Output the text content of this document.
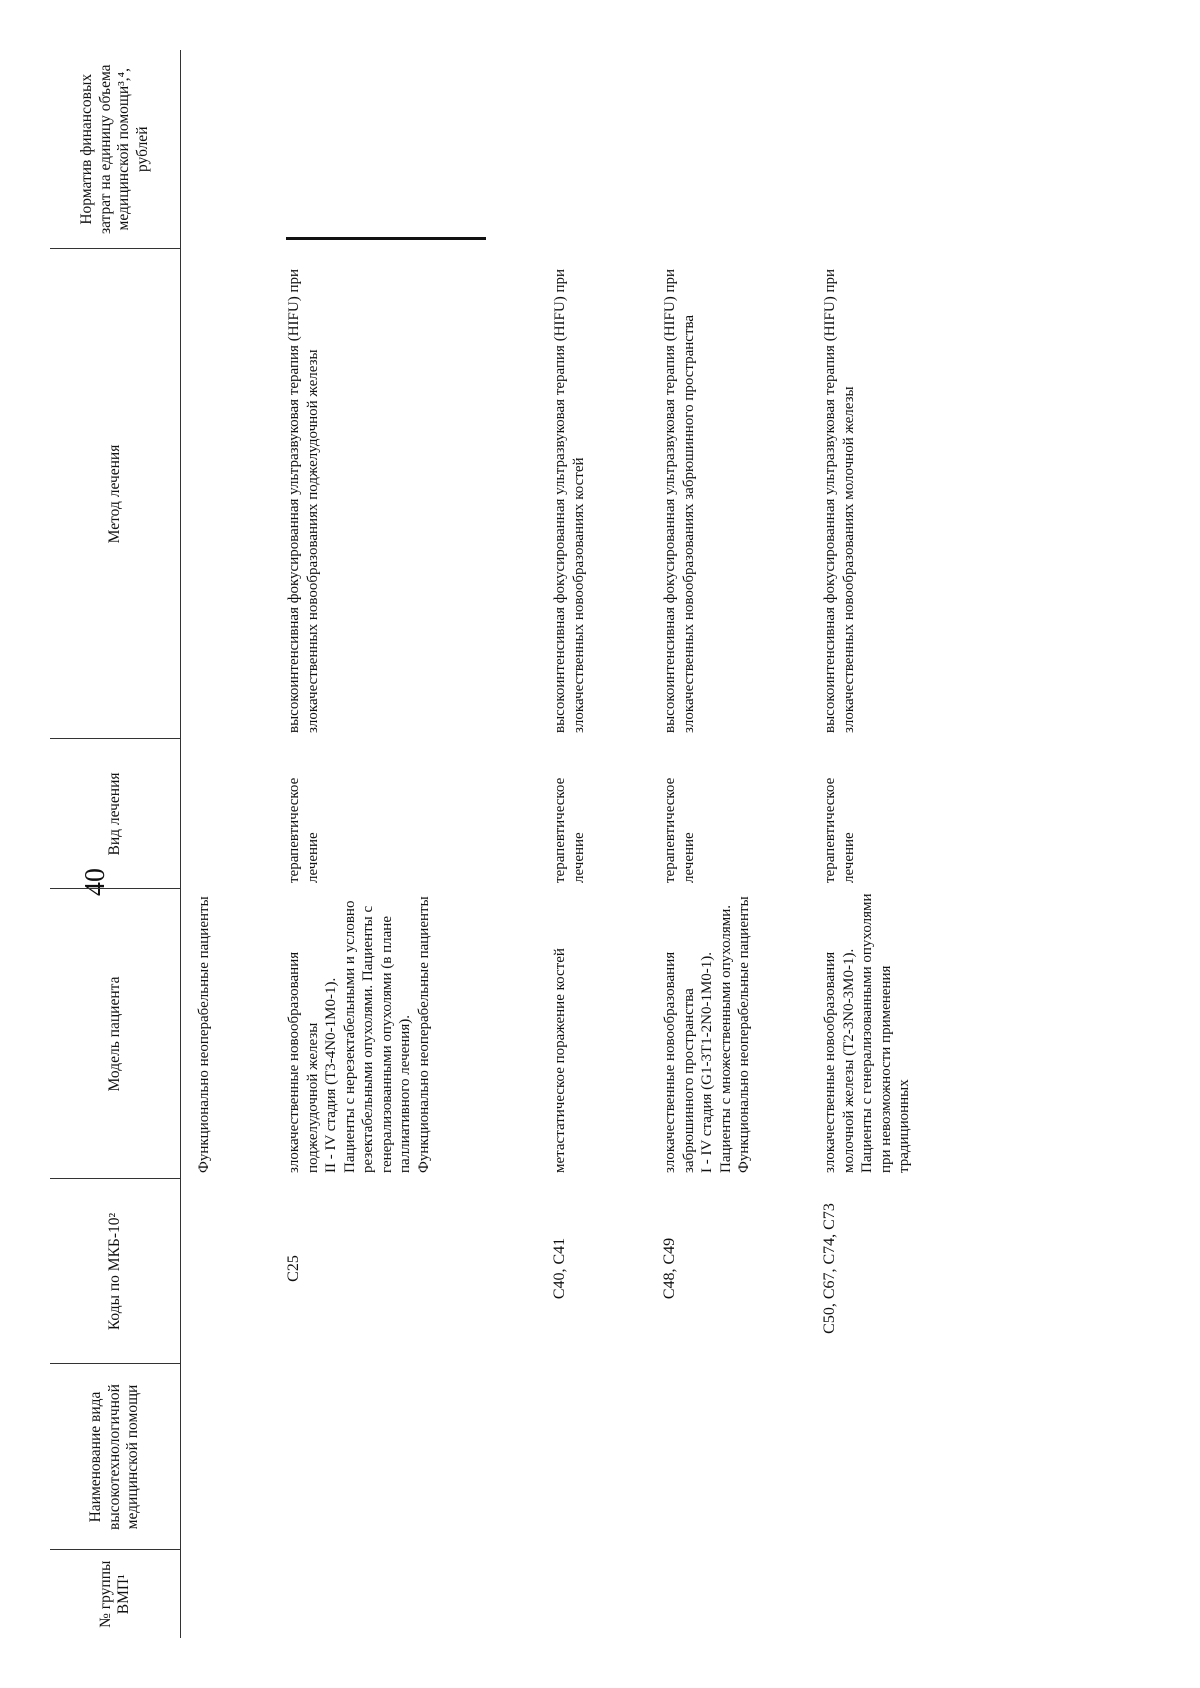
40
№ группы ВМП¹	Наименование вида высокотехнологичной медицинской помощи	Коды по МКБ-10²	Модель пациента	Вид лечения	Метод лечения	Норматив финансовых затрат на единицу объема медицинской помощи³,⁴, рублей
			Функционально неоперабельные пациенты			
		C25	злокачественные новообразования поджелудочной железы
II - IV стадия (T3-4N0-1M0-1).
Пациенты с нерезектабельными и условно резектабельными опухолями. Пациенты с генерализованными опухолями (в плане паллиативного лечения).
Функционально неоперабельные пациенты	терапевтическое лечение	высокоинтенсивная фокусированная ультразвуковая терапия (HIFU) при злокачественных новообразованиях поджелудочной железы	
		C40, C41	метастатическое поражение костей	терапевтическое лечение	высокоинтенсивная фокусированная ультразвуковая терапия (HIFU) при злокачественных новообразованиях костей	
		C48, C49	злокачественные новообразования забрюшинного пространства
I - IV стадия (G1-3T1-2N0-1M0-1).
Пациенты с множественными опухолями. Функционально неоперабельные пациенты	терапевтическое лечение	высокоинтенсивная фокусированная ультразвуковая терапия (HIFU) при злокачественных новообразованиях забрюшинного пространства	
		C50, C67, C74, C73	злокачественные новообразования молочной железы (T2-3N0-3M0-1).
Пациенты с генерализованными опухолями при невозможности применения традиционных	терапевтическое лечение	высокоинтенсивная фокусированная ультразвуковая терапия (HIFU) при злокачественных новообразованиях молочной железы	
